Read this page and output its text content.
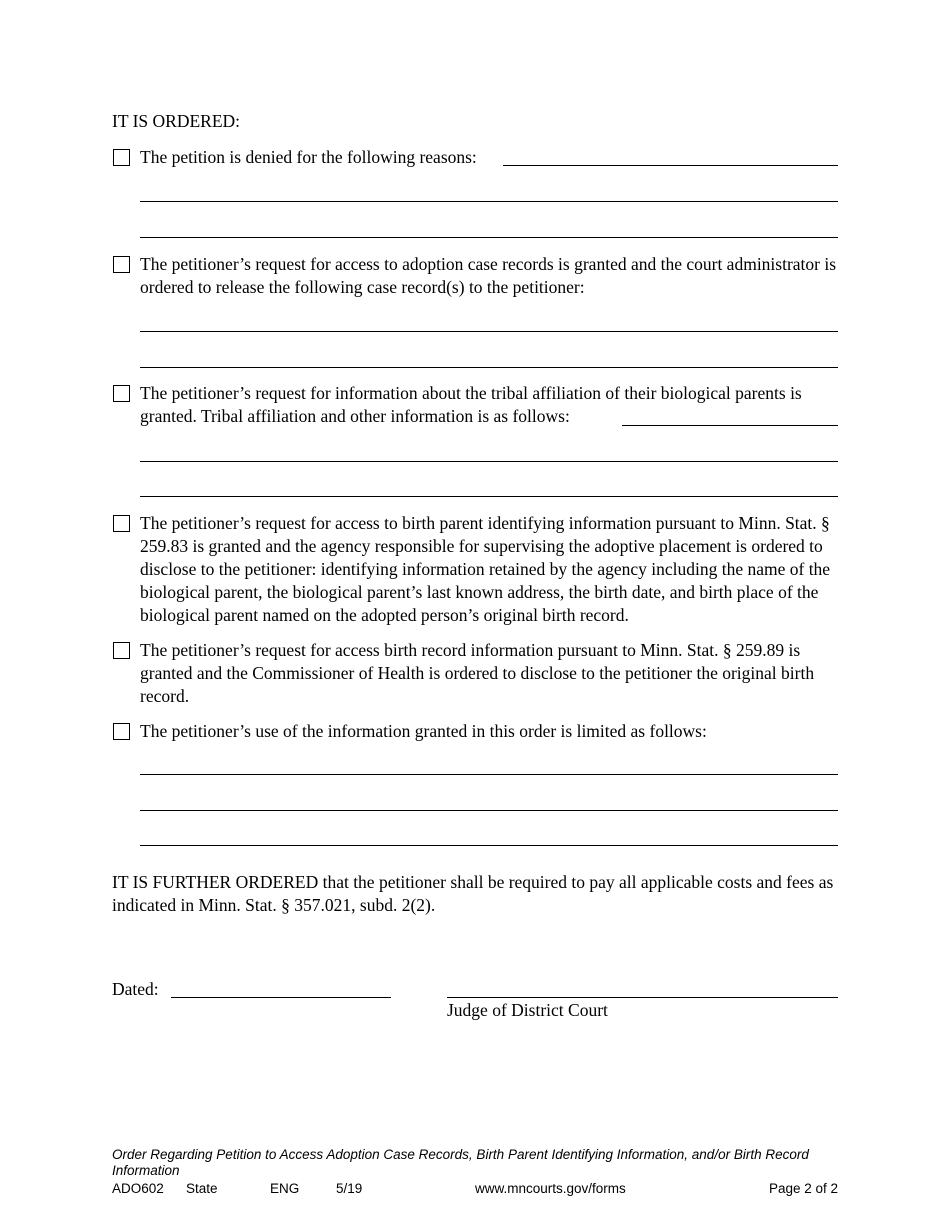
IT IS ORDERED:
The petition is denied for the following reasons:
The petitioner’s request for access to adoption case records is granted and the court administrator is ordered to release the following case record(s) to the petitioner:
The petitioner’s request for information about the tribal affiliation of their biological parents is granted. Tribal affiliation and other information is as follows:
The petitioner’s request for access to birth parent identifying information pursuant to Minn. Stat. § 259.83 is granted and the agency responsible for supervising the adoptive placement is ordered to disclose to the petitioner: identifying information retained by the agency including the name of the biological parent, the biological parent’s last known address, the birth date, and birth place of the biological parent named on the adopted person’s original birth record.
The petitioner’s request for access birth record information pursuant to Minn. Stat. § 259.89 is granted and the Commissioner of Health is ordered to disclose to the petitioner the original birth record.
The petitioner’s use of the information granted in this order is limited as follows:
IT IS FURTHER ORDERED that the petitioner shall be required to pay all applicable costs and fees as indicated in Minn. Stat. § 357.021, subd. 2(2).
Dated:
Judge of District Court
Order Regarding Petition to Access Adoption Case Records, Birth Parent Identifying Information, and/or Birth Record Information
ADO602 State	ENG	5/19	www.mncourts.gov/forms	Page 2 of 2
